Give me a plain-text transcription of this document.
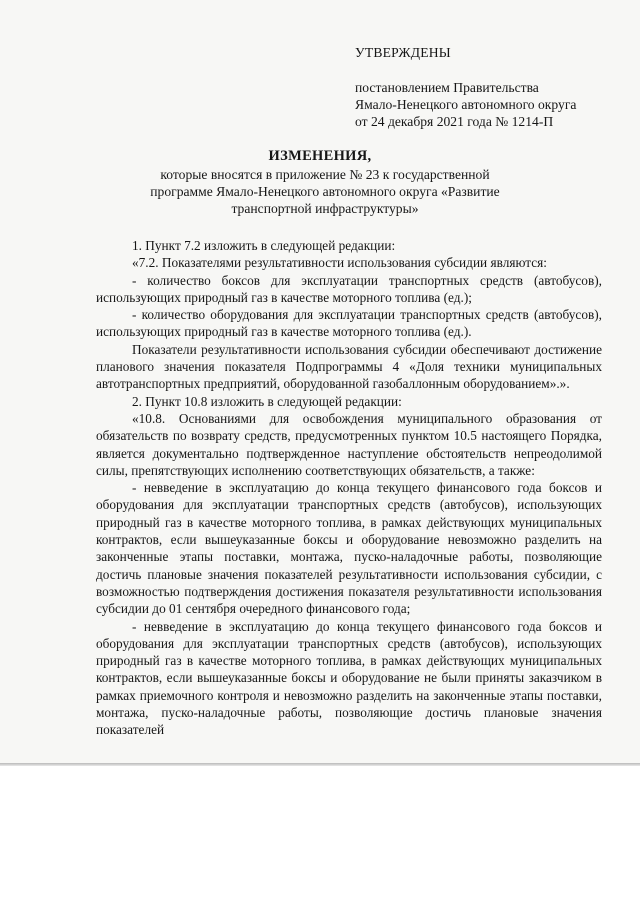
УТВЕРЖДЕНЫ
постановлением Правительства
Ямало-Ненецкого автономного округа
от 24 декабря 2021 года № 1214-П
ИЗМЕНЕНИЯ,
которые вносятся в приложение № 23 к государственной программе Ямало-Ненецкого автономного округа «Развитие транспортной инфраструктуры»

1. Пункт 7.2 изложить в следующей редакции:

«7.2. Показателями результативности использования субсидии являются:

- количество боксов для эксплуатации транспортных средств (автобусов), использующих природный газ в качестве моторного топлива (ед.);

- количество оборудования для эксплуатации транспортных средств (автобусов), использующих природный газ в качестве моторного топлива (ед.).

Показатели результативности использования субсидии обеспечивают достижение планового значения показателя Подпрограммы 4 «Доля техники муниципальных автотранспортных предприятий, оборудованной газобаллонным оборудованием».».

2. Пункт 10.8 изложить в следующей редакции:

«10.8. Основаниями для освобождения муниципального образования от обязательств по возврату средств, предусмотренных пунктом 10.5 настоящего Порядка, является документально подтвержденное наступление обстоятельств непреодолимой силы, препятствующих исполнению соответствующих обязательств, а также:

- невведение в эксплуатацию до конца текущего финансового года боксов и оборудования для эксплуатации транспортных средств (автобусов), использующих природный газ в качестве моторного топлива, в рамках действующих муниципальных контрактов, если вышеуказанные боксы и оборудование невозможно разделить на законченные этапы поставки, монтажа, пуско-наладочные работы, позволяющие достичь плановые значения показателей результативности использования субсидии, с возможностью подтверждения достижения показателя результативности использования субсидии до 01 сентября очередного финансового года;

- невведение в эксплуатацию до конца текущего финансового года боксов и оборудования для эксплуатации транспортных средств (автобусов), использующих природный газ в качестве моторного топлива, в рамках действующих муниципальных контрактов, если вышеуказанные боксы и оборудование не были приняты заказчиком в рамках приемочного контроля и невозможно разделить на законченные этапы поставки, монтажа, пуско-наладочные работы, позволяющие достичь плановые значения показателей
